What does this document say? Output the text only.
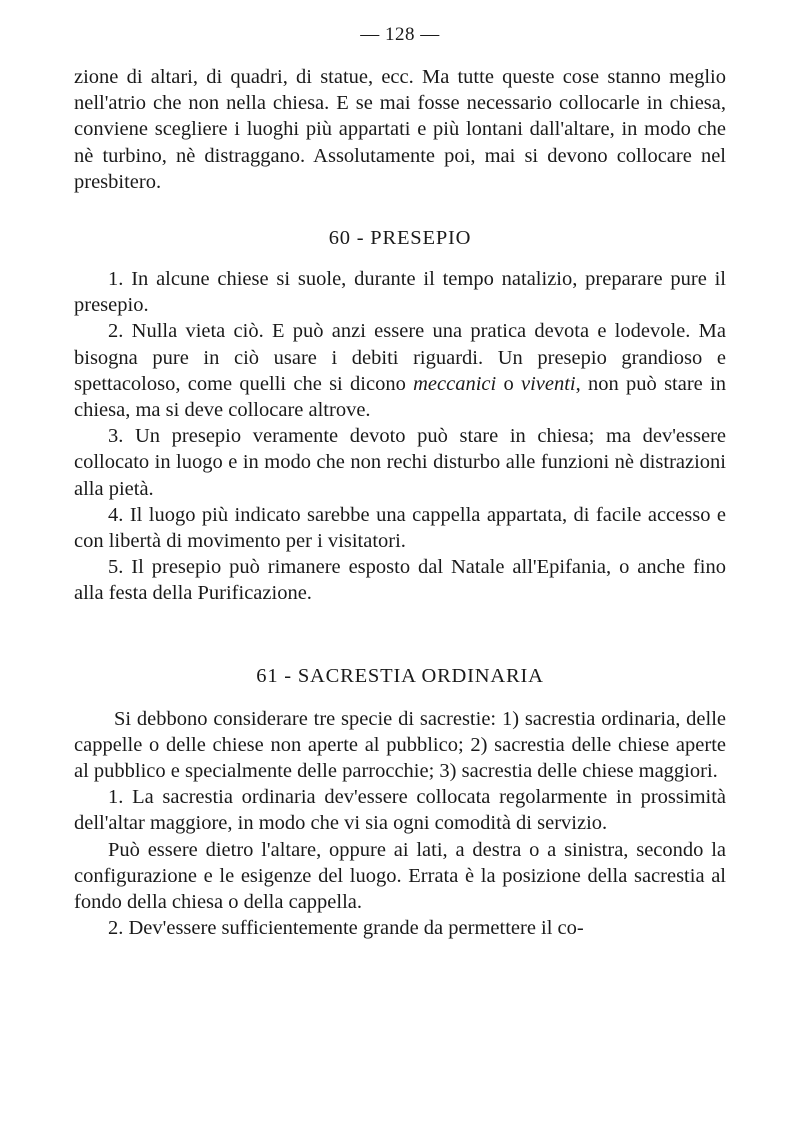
— 128 —

zione di altari, di quadri, di statue, ecc. Ma tutte queste cose stanno meglio nell'atrio che non nella chiesa. E se mai fosse necessario collocarle in chiesa, conviene scegliere i luoghi più appartati e più lontani dall'altare, in modo che nè turbino, nè distraggano. Assolutamente poi, mai si devono collocare nel presbitero.

60 - PRESEPIO

1. In alcune chiese si suole, durante il tempo natalizio, preparare pure il presepio.

2. Nulla vieta ciò. E può anzi essere una pratica devota e lodevole. Ma bisogna pure in ciò usare i debiti riguardi. Un presepio grandioso e spettacoloso, come quelli che si dicono meccanici o viventi, non può stare in chiesa, ma si deve collocare altrove.

3. Un presepio veramente devoto può stare in chiesa; ma dev'essere collocato in luogo e in modo che non rechi disturbo alle funzioni nè distrazioni alla pietà.

4. Il luogo più indicato sarebbe una cappella appartata, di facile accesso e con libertà di movimento per i visitatori.

5. Il presepio può rimanere esposto dal Natale all'Epifania, o anche fino alla festa della Purificazione.

61 - SACRESTIA ORDINARIA

Si debbono considerare tre specie di sacrestie: 1) sacrestia ordinaria, delle cappelle o delle chiese non aperte al pubblico; 2) sacrestia delle chiese aperte al pubblico e specialmente delle parrocchie; 3) sacrestia delle chiese maggiori.

1. La sacrestia ordinaria dev'essere collocata regolarmente in prossimità dell'altar maggiore, in modo che vi sia ogni comodità di servizio.

Può essere dietro l'altare, oppure ai lati, a destra o a sinistra, secondo la configurazione e le esigenze del luogo. Errata è la posizione della sacrestia al fondo della chiesa o della cappella.

2. Dev'essere sufficientemente grande da permettere il co-
